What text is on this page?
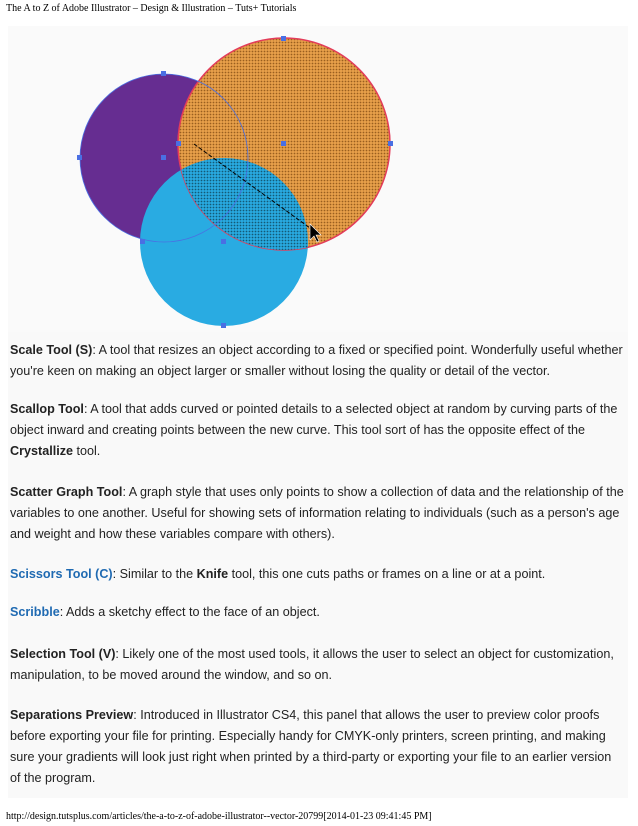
The A to Z of Adobe Illustrator – Design & Illustration – Tuts+ Tutorials

Scale Tool (S): A tool that resizes an object according to a fixed or specified point. Wonderfully useful whether you're keen on making an object larger or smaller without losing the quality or detail of the vector.

Scallop Tool: A tool that adds curved or pointed details to a selected object at random by curving parts of the object inward and creating points between the new curve. This tool sort of has the opposite effect of the Crystallize tool.

Scatter Graph Tool: A graph style that uses only points to show a collection of data and the relationship of the variables to one another. Useful for showing sets of information relating to individuals (such as a person's age and weight and how these variables compare with others).

Scissors Tool (C): Similar to the Knife tool, this one cuts paths or frames on a line or at a point.

Scribble: Adds a sketchy effect to the face of an object.

Selection Tool (V): Likely one of the most used tools, it allows the user to select an object for customization, manipulation, to be moved around the window, and so on.

Separations Preview: Introduced in Illustrator CS4, this panel that allows the user to preview color proofs before exporting your file for printing. Especially handy for CMYK-only printers, screen printing, and making sure your gradients will look just right when printed by a third-party or exporting your file to an earlier version of the program.

http://design.tutsplus.com/articles/the-a-to-z-of-adobe-illustrator--vector-20799[2014-01-23 09:41:45 PM]
